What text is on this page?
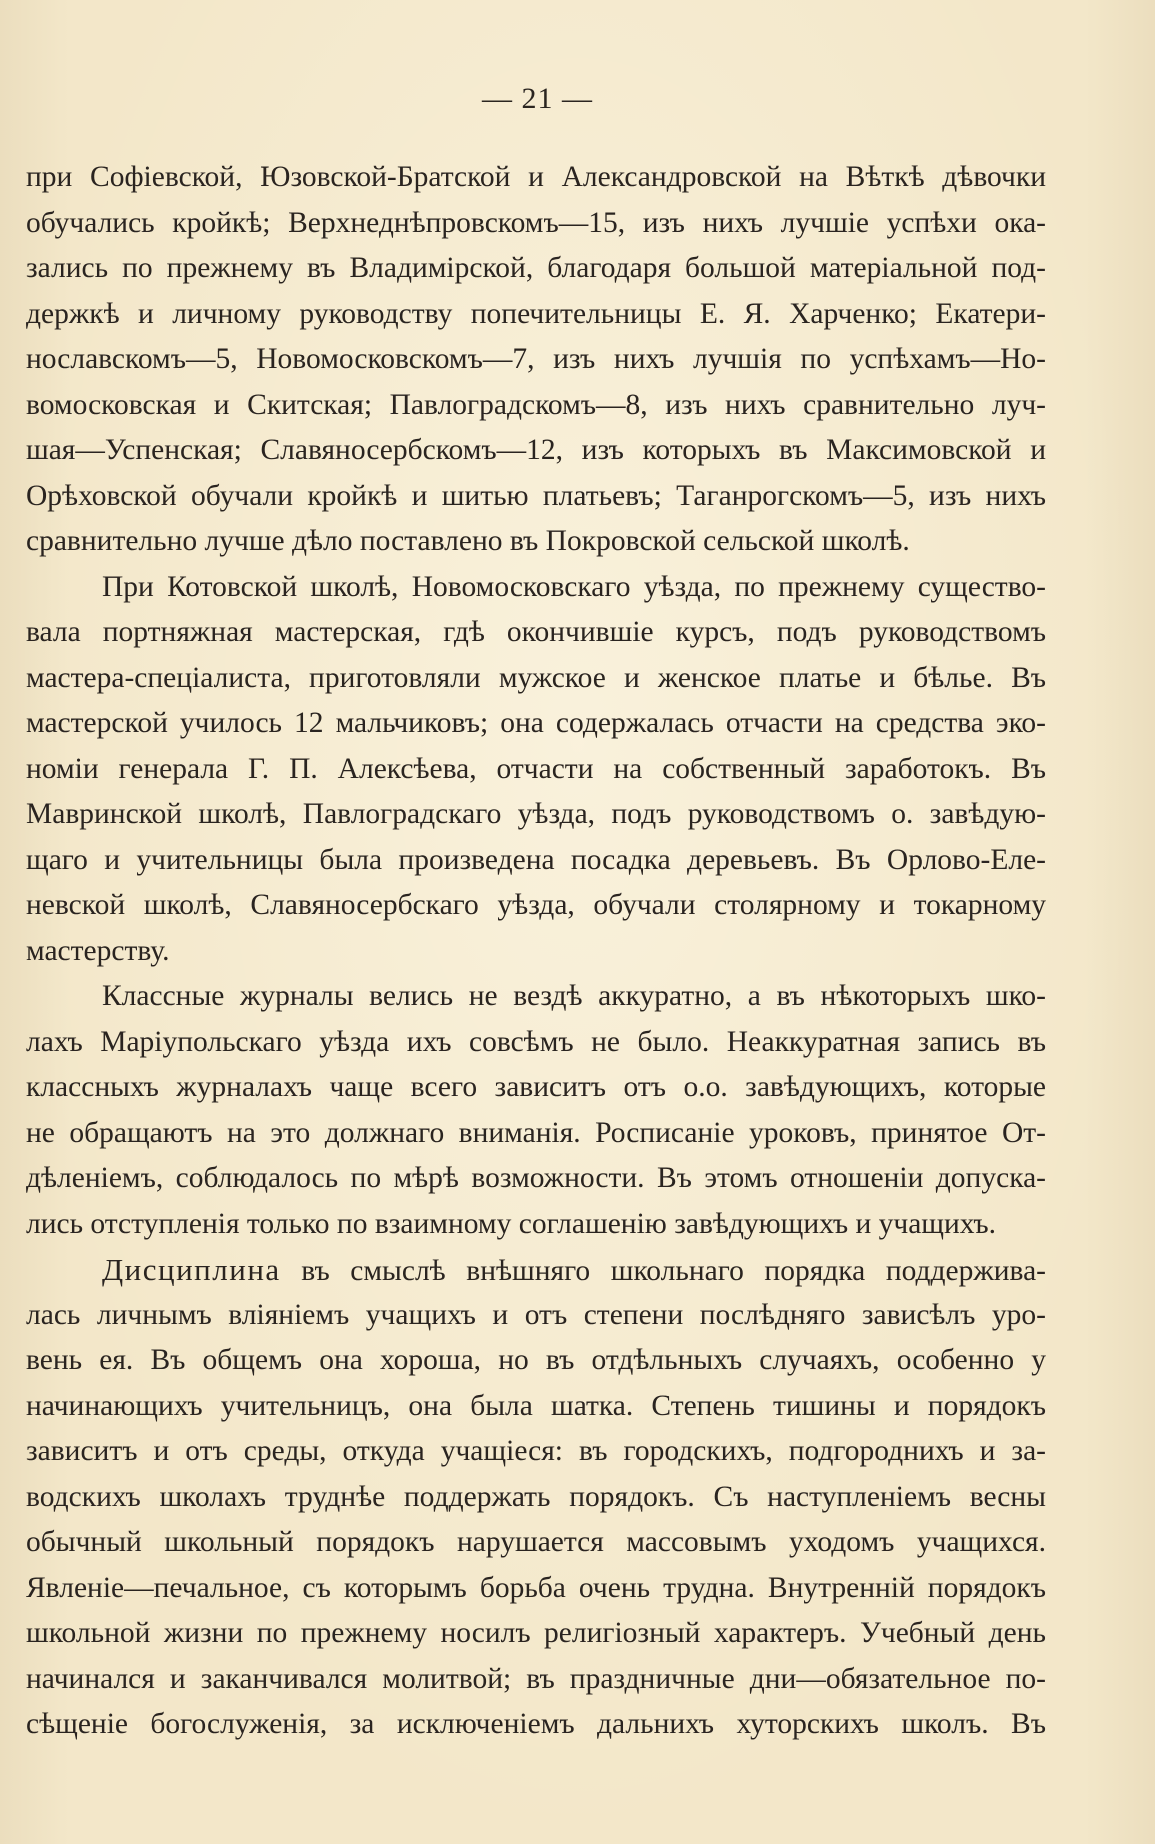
— 21 —
при Софіевской, Юзовской-Братской и Александровской на Вѣткѣ дѣвочки
обучались кройкѣ; Верхнеднѣпровскомъ—15, изъ нихъ лучшіе успѣхи ока-
зались по прежнему въ Владимірской, благодаря большой матеріальной под-
держкѣ и личному руководству попечительницы Е. Я. Харченко; Екатери-
нославскомъ—5, Новомосковскомъ—7, изъ нихъ лучшія по успѣхамъ—Но-
вомосковская и Скитская; Павлоградскомъ—8, изъ нихъ сравнительно луч-
шая—Успенская; Славяносербскомъ—12, изъ которыхъ въ Максимовской и
Орѣховской обучали кройкѣ и шитью платьевъ; Таганрогскомъ—5, изъ нихъ
сравнительно лучше дѣло поставлено въ Покровской сельской школѣ.
При Котовской школѣ, Новомосковскаго уѣзда, по прежнему существо-
вала портняжная мастерская, гдѣ окончившіе курсъ, подъ руководствомъ
мастера-спеціалиста, приготовляли мужское и женское платье и бѣлье. Въ
мастерской училось 12 мальчиковъ; она содержалась отчасти на средства эко-
номіи генерала Г. П. Алексѣева, отчасти на собственный заработокъ. Въ
Мавринской школѣ, Павлоградскаго уѣзда, подъ руководствомъ о. завѣдую-
щаго и учительницы была произведена посадка деревьевъ. Въ Орлово-Еле-
невской школѣ, Славяносербскаго уѣзда, обучали столярному и токарному
мастерству.
Классные журналы велись не вездѣ аккуратно, а въ нѣкоторыхъ шко-
лахъ Маріупольскаго уѣзда ихъ совсѣмъ не было. Неаккуратная запись въ
классныхъ журналахъ чаще всего зависитъ отъ о.о. завѣдующихъ, которые
не обращаютъ на это должнаго вниманія. Росписаніе уроковъ, принятое От-
дѣленіемъ, соблюдалось по мѣрѣ возможности. Въ этомъ отношеніи допуска-
лись отступленія только по взаимному соглашенію завѣдующихъ и учащихъ.
Дисциплина въ смыслѣ внѣшняго школьнаго порядка поддержива-
лась личнымъ вліяніемъ учащихъ и отъ степени послѣдняго зависѣлъ уро-
вень ея. Въ общемъ она хороша, но въ отдѣльныхъ случаяхъ, особенно у
начинающихъ учительницъ, она была шатка. Степень тишины и порядокъ
зависитъ и отъ среды, откуда учащіеся: въ городскихъ, подгороднихъ и за-
водскихъ школахъ труднѣе поддержать порядокъ. Съ наступленіемъ весны
обычный школьный порядокъ нарушается массовымъ уходомъ учащихся.
Явленіе—печальное, съ которымъ борьба очень трудна. Внутренній порядокъ
школьной жизни по прежнему носилъ религіозный характеръ. Учебный день
начинался и заканчивался молитвой; въ праздничные дни—обязательное по-
сѣщеніе богослуженія, за исключеніемъ дальнихъ хуторскихъ школъ. Въ
